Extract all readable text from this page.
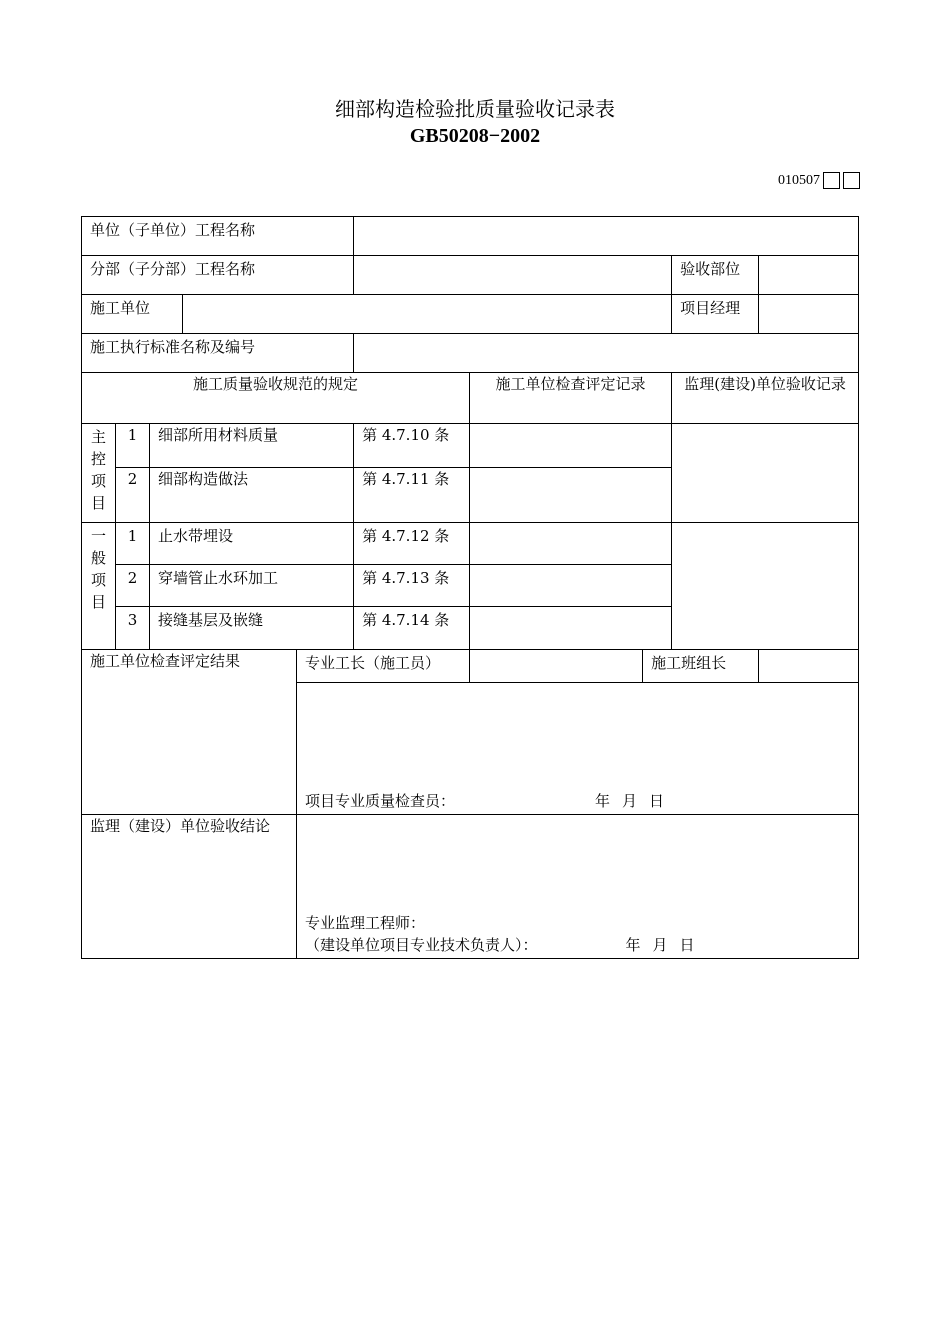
细部构造检验批质量验收记录表
GB50208−2002
010507
单位（子单位）工程名称									
分部（子分部）工程名称								验收部位	
施工单位								项目经理	
施工执行标准名称及编号									
施工质量验收规范的规定						施工单位检查评定记录		监理(建设)单位验收记录	
主控项目	1	细部所用材料质量			第 4.7.10 条				
	2	细部构造做法			第 4.7.11 条				
一般项目	1	止水带埋设			第 4.7.12 条				
	2	穿墙管止水环加工			第 4.7.13 条				
	3	接缝基层及嵌缝			第 4.7.14 条				
施工单位检查评定结果				专业工长（施工员）			施工班组长		

				项目专业质量检查员： 年 月 日					

监理（建设）单位验收结论				专业监理工程师：
（建设单位项目专业技术负责人）： 年 月 日					
